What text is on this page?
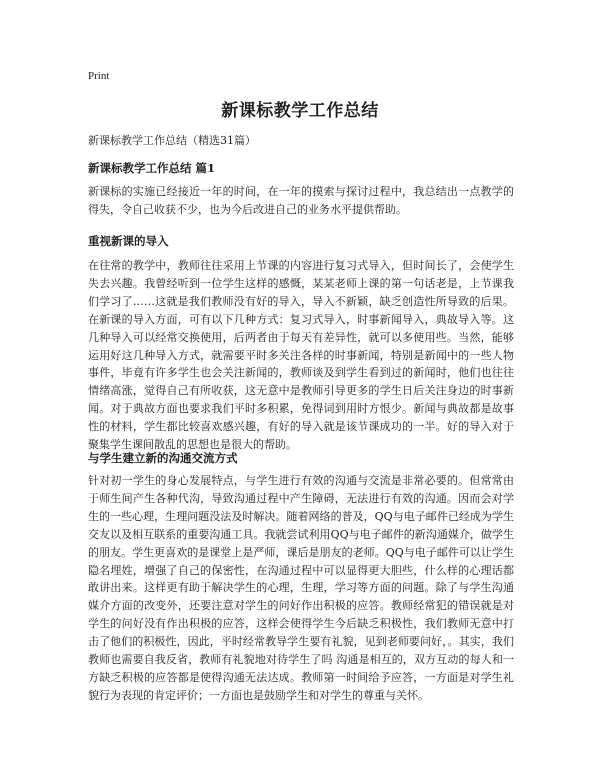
Print
新课标教学工作总结

新课标教学工作总结（精选31篇）

新课标教学工作总结 篇1

新课标的实施已经接近一年的时间，在一年的摸索与探讨过程中，我总结出一点教学的得失，令自己收获不少，也为今后改进自己的业务水平提供帮助。

重视新课的导入

在往常的教学中，教师往往采用上节课的内容进行复习式导入，但时间长了，会使学生失去兴趣。我曾经听到一位学生这样的感慨，某某老师上课的第一句话老是，上节课我们学习了……这就是我们教师没有好的导入，导入不新颖，缺乏创造性所导致的后果。在新课的导入方面，可有以下几种方式：复习式导入，时事新闻导入，典故导入等。这几种导入可以经常交换使用，后两者由于每天有差异性，就可以多使用些。当然，能够运用好这几种导入方式，就需要平时多关注各样的时事新闻，特别是新闻中的一些人物事件，毕竟有许多学生也会关注新闻的，教师谈及到学生看到过的新闻时，他们也往往情绪高涨，觉得自己有所收获，这无意中是教师引导更多的学生日后关注身边的时事新闻。对于典故方面也要求我们平时多积累，免得词到用时方恨少。新闻与典故都是故事性的材料，学生都比较喜欢感兴趣，有好的导入就是该节课成功的一半。好的导入对于聚集学生课间散乱的思想也是很大的帮助。

与学生建立新的沟通交流方式

针对初一学生的身心发展特点，与学生进行有效的沟通与交流是非常必要的。但常常由于师生间产生各种代沟，导致沟通过程中产生障碍，无法进行有效的沟通。因而会对学生的一些心理，生理问题没法及时解决。随着网络的普及，QQ与电子邮件已经成为学生交友以及相互联系的重要沟通工具。我就尝试利用QQ与电子邮件的新沟通媒介，做学生的朋友。学生更喜欢的是课堂上是严师，课后是朋友的老师。QQ与电子邮件可以让学生隐名埋姓，增强了自己的保密性，在沟通过程中可以显得更大胆些，什么样的心理话都敢讲出来。这样更有助于解决学生的心理，生理，学习等方面的问题。除了与学生沟通媒介方面的改变外，还要注意对学生的问好作出积极的应答。教师经常犯的错误就是对学生的问好没有作出积极的应答，这样会使得学生今后缺乏积极性，我们教师无意中打击了他们的积极性，因此，平时经常教导学生要有礼貌，见到老师要问好，。其实，我们教师也需要自我反省，教师有礼貌地对待学生了吗 沟通是相互的，双方互动的每人和一方缺乏积极的应答都是使得沟通无法达成。教师第一时间给予应答，一方面是对学生礼貌行为表现的肯定评价；一方面也是鼓励学生和对学生的尊重与关怀。
